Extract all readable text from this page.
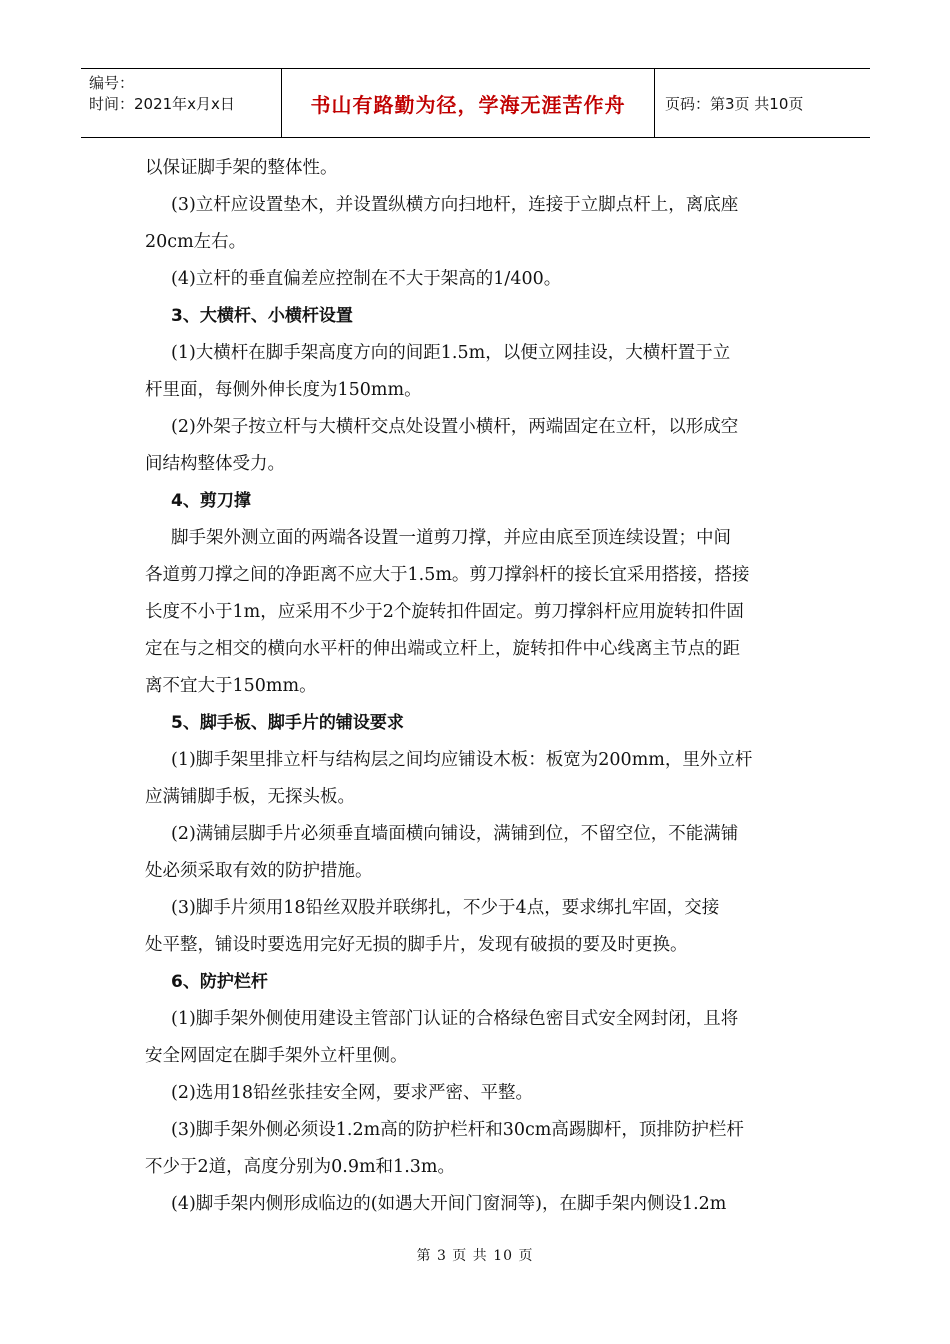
编号：
时间：2021年x月x日	书山有路勤为径，学海无涯苦作舟	页码：第3页 共10页
以保证脚手架的整体性。
(3)立杆应设置垫木，并设置纵横方向扫地杆，连接于立脚点杆上，离底座
20cm左右。
(4)立杆的垂直偏差应控制在不大于架高的1/400。
3、大横杆、小横杆设置
(1)大横杆在脚手架高度方向的间距1.5m，以便立网挂设，大横杆置于立
杆里面，每侧外伸长度为150mm。
(2)外架子按立杆与大横杆交点处设置小横杆，两端固定在立杆，以形成空
间结构整体受力。
4、剪刀撑
脚手架外测立面的两端各设置一道剪刀撑，并应由底至顶连续设置；中间
各道剪刀撑之间的净距离不应大于1.5m。剪刀撑斜杆的接长宜采用搭接，搭接
长度不小于1m，应采用不少于2个旋转扣件固定。剪刀撑斜杆应用旋转扣件固
定在与之相交的横向水平杆的伸出端或立杆上，旋转扣件中心线离主节点的距
离不宜大于150mm。
5、脚手板、脚手片的铺设要求
(1)脚手架里排立杆与结构层之间均应铺设木板：板宽为200mm，里外立杆
应满铺脚手板，无探头板。
(2)满铺层脚手片必须垂直墙面横向铺设，满铺到位，不留空位，不能满铺
处必须采取有效的防护措施。
(3)脚手片须用18铅丝双股并联绑扎，不少于4点，要求绑扎牢固，交接
处平整，铺设时要选用完好无损的脚手片，发现有破损的要及时更换。
6、防护栏杆
(1)脚手架外侧使用建设主管部门认证的合格绿色密目式安全网封闭，且将
安全网固定在脚手架外立杆里侧。
(2)选用18铅丝张挂安全网，要求严密、平整。
(3)脚手架外侧必须设1.2m高的防护栏杆和30cm高踢脚杆，顶排防护栏杆
不少于2道，高度分别为0.9m和1.3m。
(4)脚手架内侧形成临边的(如遇大开间门窗洞等)，在脚手架内侧设1.2m
第 3 页 共 10 页
